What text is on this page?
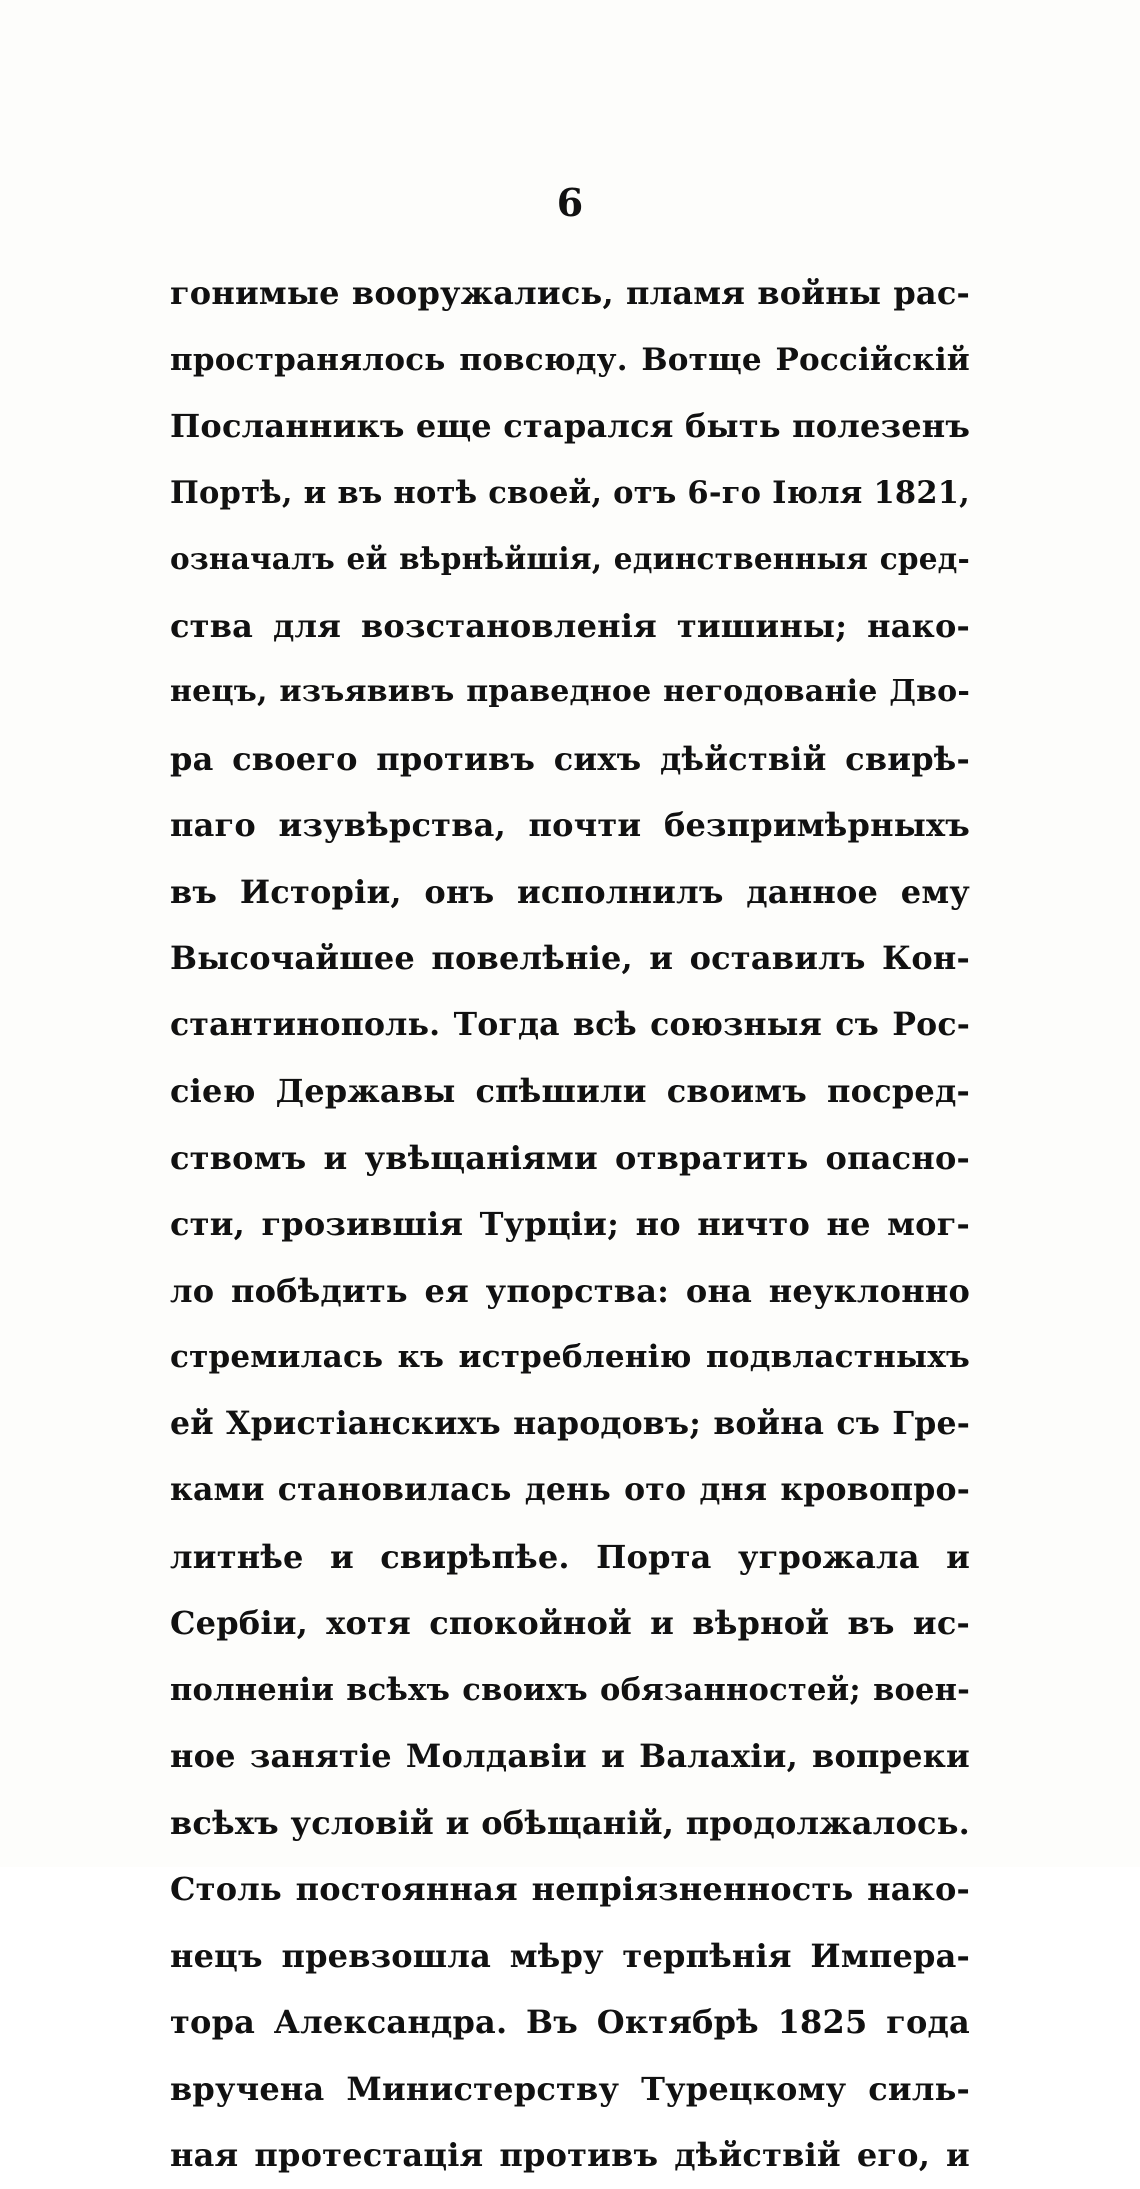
6
гонимые вооружались, пламя войны рас-
пространялось повсюду. Вотще Россійскій
Посланникъ еще старался быть полезенъ
Портѣ, и въ нотѣ своей, отъ 6-го Іюля 1821,
означалъ ей вѣрнѣйшія, единственныя сред-
ства для возстановленія тишины; нако-
нецъ, изъявивъ праведное негодованіе Дво-
ра своего противъ сихъ дѣйствій свирѣ-
паго изувѣрства, почти безпримѣрныхъ
въ Исторіи, онъ исполнилъ данное ему
Высочайшее повелѣніе, и оставилъ Кон-
стантинополь. Тогда всѣ союзныя съ Рос-
сіею Державы спѣшили своимъ посред-
ствомъ и увѣщаніями отвратить опасно-
сти, грозившія Турціи; но ничто не мог-
ло побѣдить ея упорства: она неуклонно
стремилась къ истребленію подвластныхъ
ей Христіанскихъ народовъ; война съ Гре-
ками становилась день ото дня кровопро-
литнѣе и свирѣпѣе. Порта угрожала и
Сербіи, хотя спокойной и вѣрной въ ис-
полненіи всѣхъ своихъ обязанностей; воен-
ное занятіе Молдавіи и Валахіи, вопреки
всѣхъ условій и обѣщаній, продолжалось.
Столь постоянная непріязненность нако-
нецъ превзошла мѣру терпѣнія Импера-
тора Александра. Въ Октябрѣ 1825 года
вручена Министерству Турецкому силь-
ная протестація противъ дѣйствій его, и
